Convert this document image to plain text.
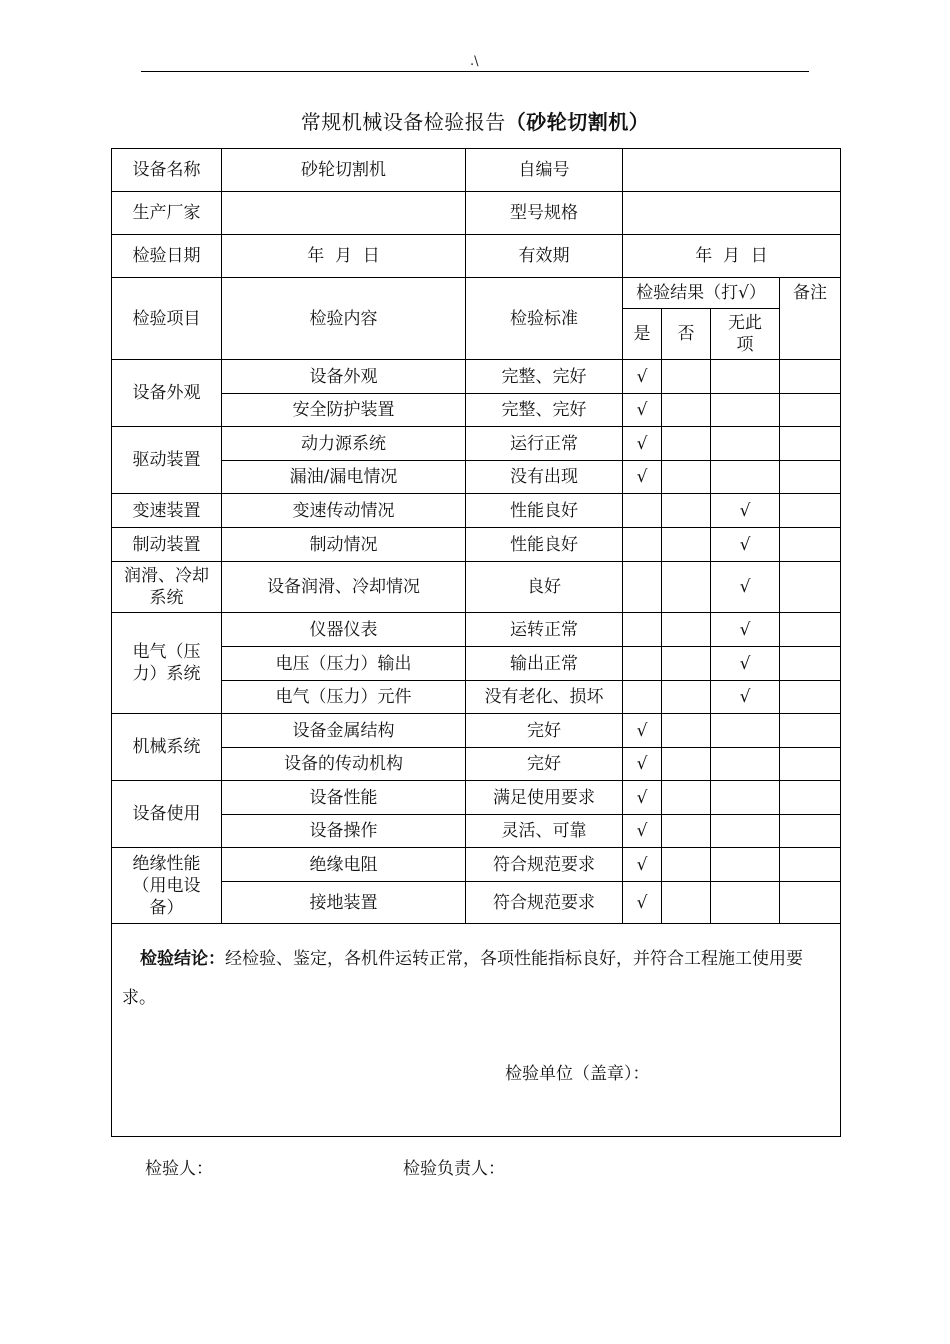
.\
常规机械设备检验报告（砂轮切割机）
设备名称	砂轮切割机	自编号				
生产厂家		型号规格				
检验日期	年  月  日	有效期	年  月  日			
检验项目	检验内容	检验标准	检验结果（打√）			备注
			是	否	无此
项	
设备外观	设备外观	完整、完好	√			
	安全防护装置	完整、完好	√			
驱动装置	动力源系统	运行正常	√			
	漏油/漏电情况	没有出现	√			
变速装置	变速传动情况	性能良好			√	
制动装置	制动情况	性能良好			√	
润滑、冷却
系统	设备润滑、冷却情况	良好			√	
电气（压
力）系统	仪器仪表	运转正常			√	
	电压（压力）输出	输出正常			√	
	电气（压力）元件	没有老化、损坏			√	
机械系统	设备金属结构	完好	√			
	设备的传动机构	完好	√			
设备使用	设备性能	满足使用要求	√			
	设备操作	灵活、可靠	√			
绝缘性能
（用电设
备）	绝缘电阻	符合规范要求	√			
	接地装置	符合规范要求	√			

检验结论：经检验、鉴定，各机件运转正常，各项性能指标良好，并符合工程施工使用要求。
检验单位（盖章）：						
检验人：	检验负责人：
